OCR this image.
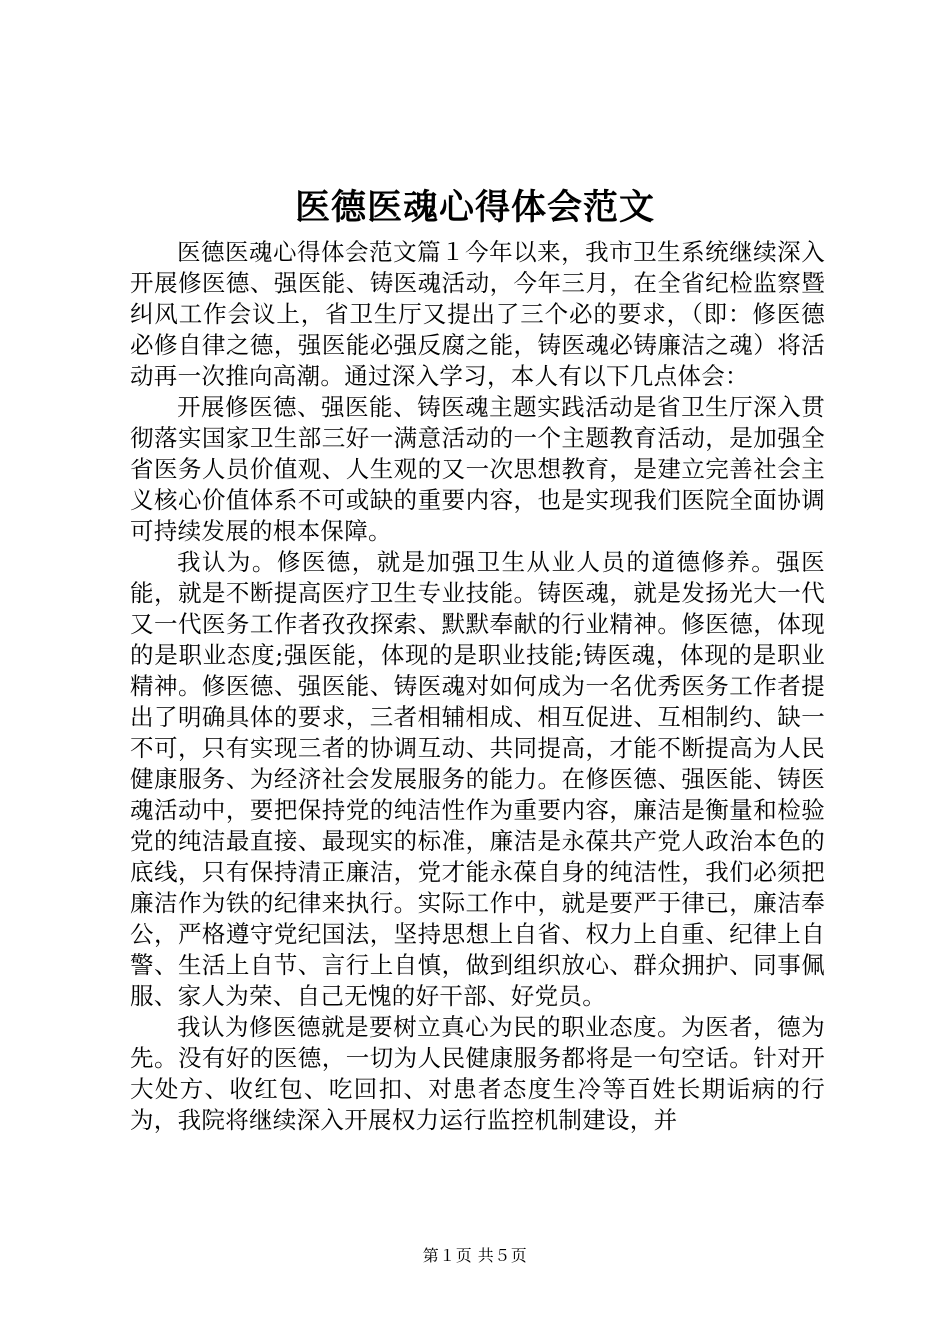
医德医魂心得体会范文

医德医魂心得体会范文篇１今年以来，我市卫生系统继续深入开展修医德、强医能、铸医魂活动，今年三月，在全省纪检监察暨纠风工作会议上，省卫生厅又提出了三个必的要求，（即：修医德必修自律之德，强医能必强反腐之能，铸医魂必铸廉洁之魂）将活动再一次推向高潮。通过深入学习，本人有以下几点体会：

开展修医德、强医能、铸医魂主题实践活动是省卫生厅深入贯彻落实国家卫生部三好一满意活动的一个主题教育活动，是加强全省医务人员价值观、人生观的又一次思想教育，是建立完善社会主义核心价值体系不可或缺的重要内容，也是实现我们医院全面协调可持续发展的根本保障。

我认为。修医德，就是加强卫生从业人员的道德修养。强医能，就是不断提高医疗卫生专业技能。铸医魂，就是发扬光大一代又一代医务工作者孜孜探索、默默奉献的行业精神。修医德，体现的是职业态度;强医能，体现的是职业技能;铸医魂，体现的是职业精神。修医德、强医能、铸医魂对如何成为一名优秀医务工作者提出了明确具体的要求，三者相辅相成、相互促进、互相制约、缺一不可，只有实现三者的协调互动、共同提高，才能不断提高为人民健康服务、为经济社会发展服务的能力。在修医德、强医能、铸医魂活动中，要把保持党的纯洁性作为重要内容，廉洁是衡量和检验党的纯洁最直接、最现实的标准，廉洁是永葆共产党人政治本色的底线，只有保持清正廉洁，党才能永葆自身的纯洁性，我们必须把廉洁作为铁的纪律来执行。实际工作中，就是要严于律已，廉洁奉公，严格遵守党纪国法，坚持思想上自省、权力上自重、纪律上自警、生活上自节、言行上自慎，做到组织放心、群众拥护、同事佩服、家人为荣、自己无愧的好干部、好党员。

我认为修医德就是要树立真心为民的职业态度。为医者，德为先。没有好的医德，一切为人民健康服务都将是一句空话。针对开大处方、收红包、吃回扣、对患者态度生冷等百姓长期诟病的行为，我院将继续深入开展权力运行监控机制建设，并

第１页 共５页
